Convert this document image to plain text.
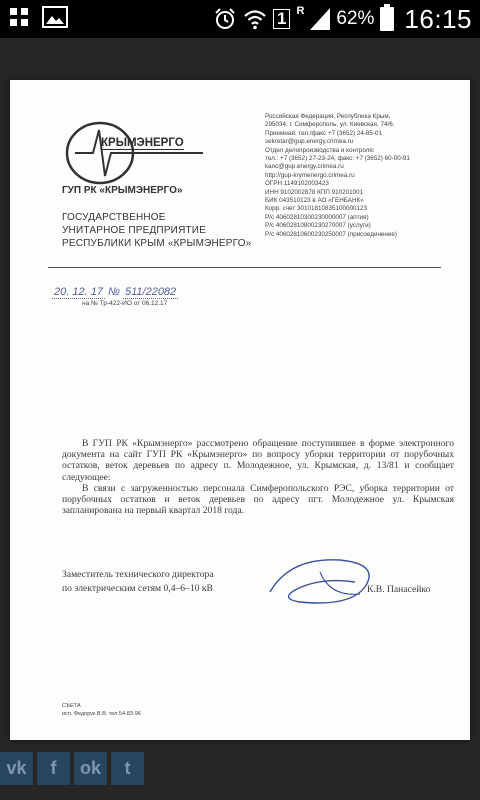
1 R 62% 16:15
vk	f	ok	t
КРЫМЭНЕРГО
ГУП РК «КРЫМЭНЕРГО»
ГОСУДАРСТВЕННОЕ
УНИТАРНОЕ ПРЕДПРИЯТИЕ
РЕСПУБЛИКИ КРЫМ «КРЫМЭНЕРГО»
Российская Федерация, Республика Крым,
295034, г. Симферополь, ул. Киевская, 74/6.
Приемная: тел./факс +7 (3652) 24-85-01
sekretar@gup.energy.crimea.ru
Отдел делопроизводства и контроля:
тел.: +7 (3652) 27-23-24, факс: +7 (3652) 60-00-91
kanc@gup.energy.crimea.ru
http://gup-krymenergo.crimea.ru
ОГРН 1149102003423
ИНН 9102002878 КПП 910201001
БИК 043510123 в АО «ГЕНБАНК»
Корр. счет 30101810835100000123
Р/с 40602810300230000007 (аптия)
Р/с 40602810800230270007 (услуги)
Р/с 40602810600230250007 (присоединение)
20. 12. 17 № 511/22082
на № Тр-422-ИО от 06.12.17

В ГУП РК «Крымэнерго» рассмотрено обращение поступившее в форме электронного документа на сайт ГУП РК «Крымэнерго» по вопросу уборки территории от порубочных остатков, веток деревьев по адресу п. Молодежное, ул. Крымская, д. 13/81 и сообщает следующее:

В связи с загруженностью персонала Симферопольского РЭС, уборка территории от порубочных остатков и веток деревьев по адресу пгт. Молодежное ул. Крымская запланирована на первый квартал 2018 года.

Заместитель технического директора
по электрическим сетям 0,4–6–10 кВ	К.В. Панасейко
СЪЕТА
исп. Федорук В.В. тел.54-83-96
